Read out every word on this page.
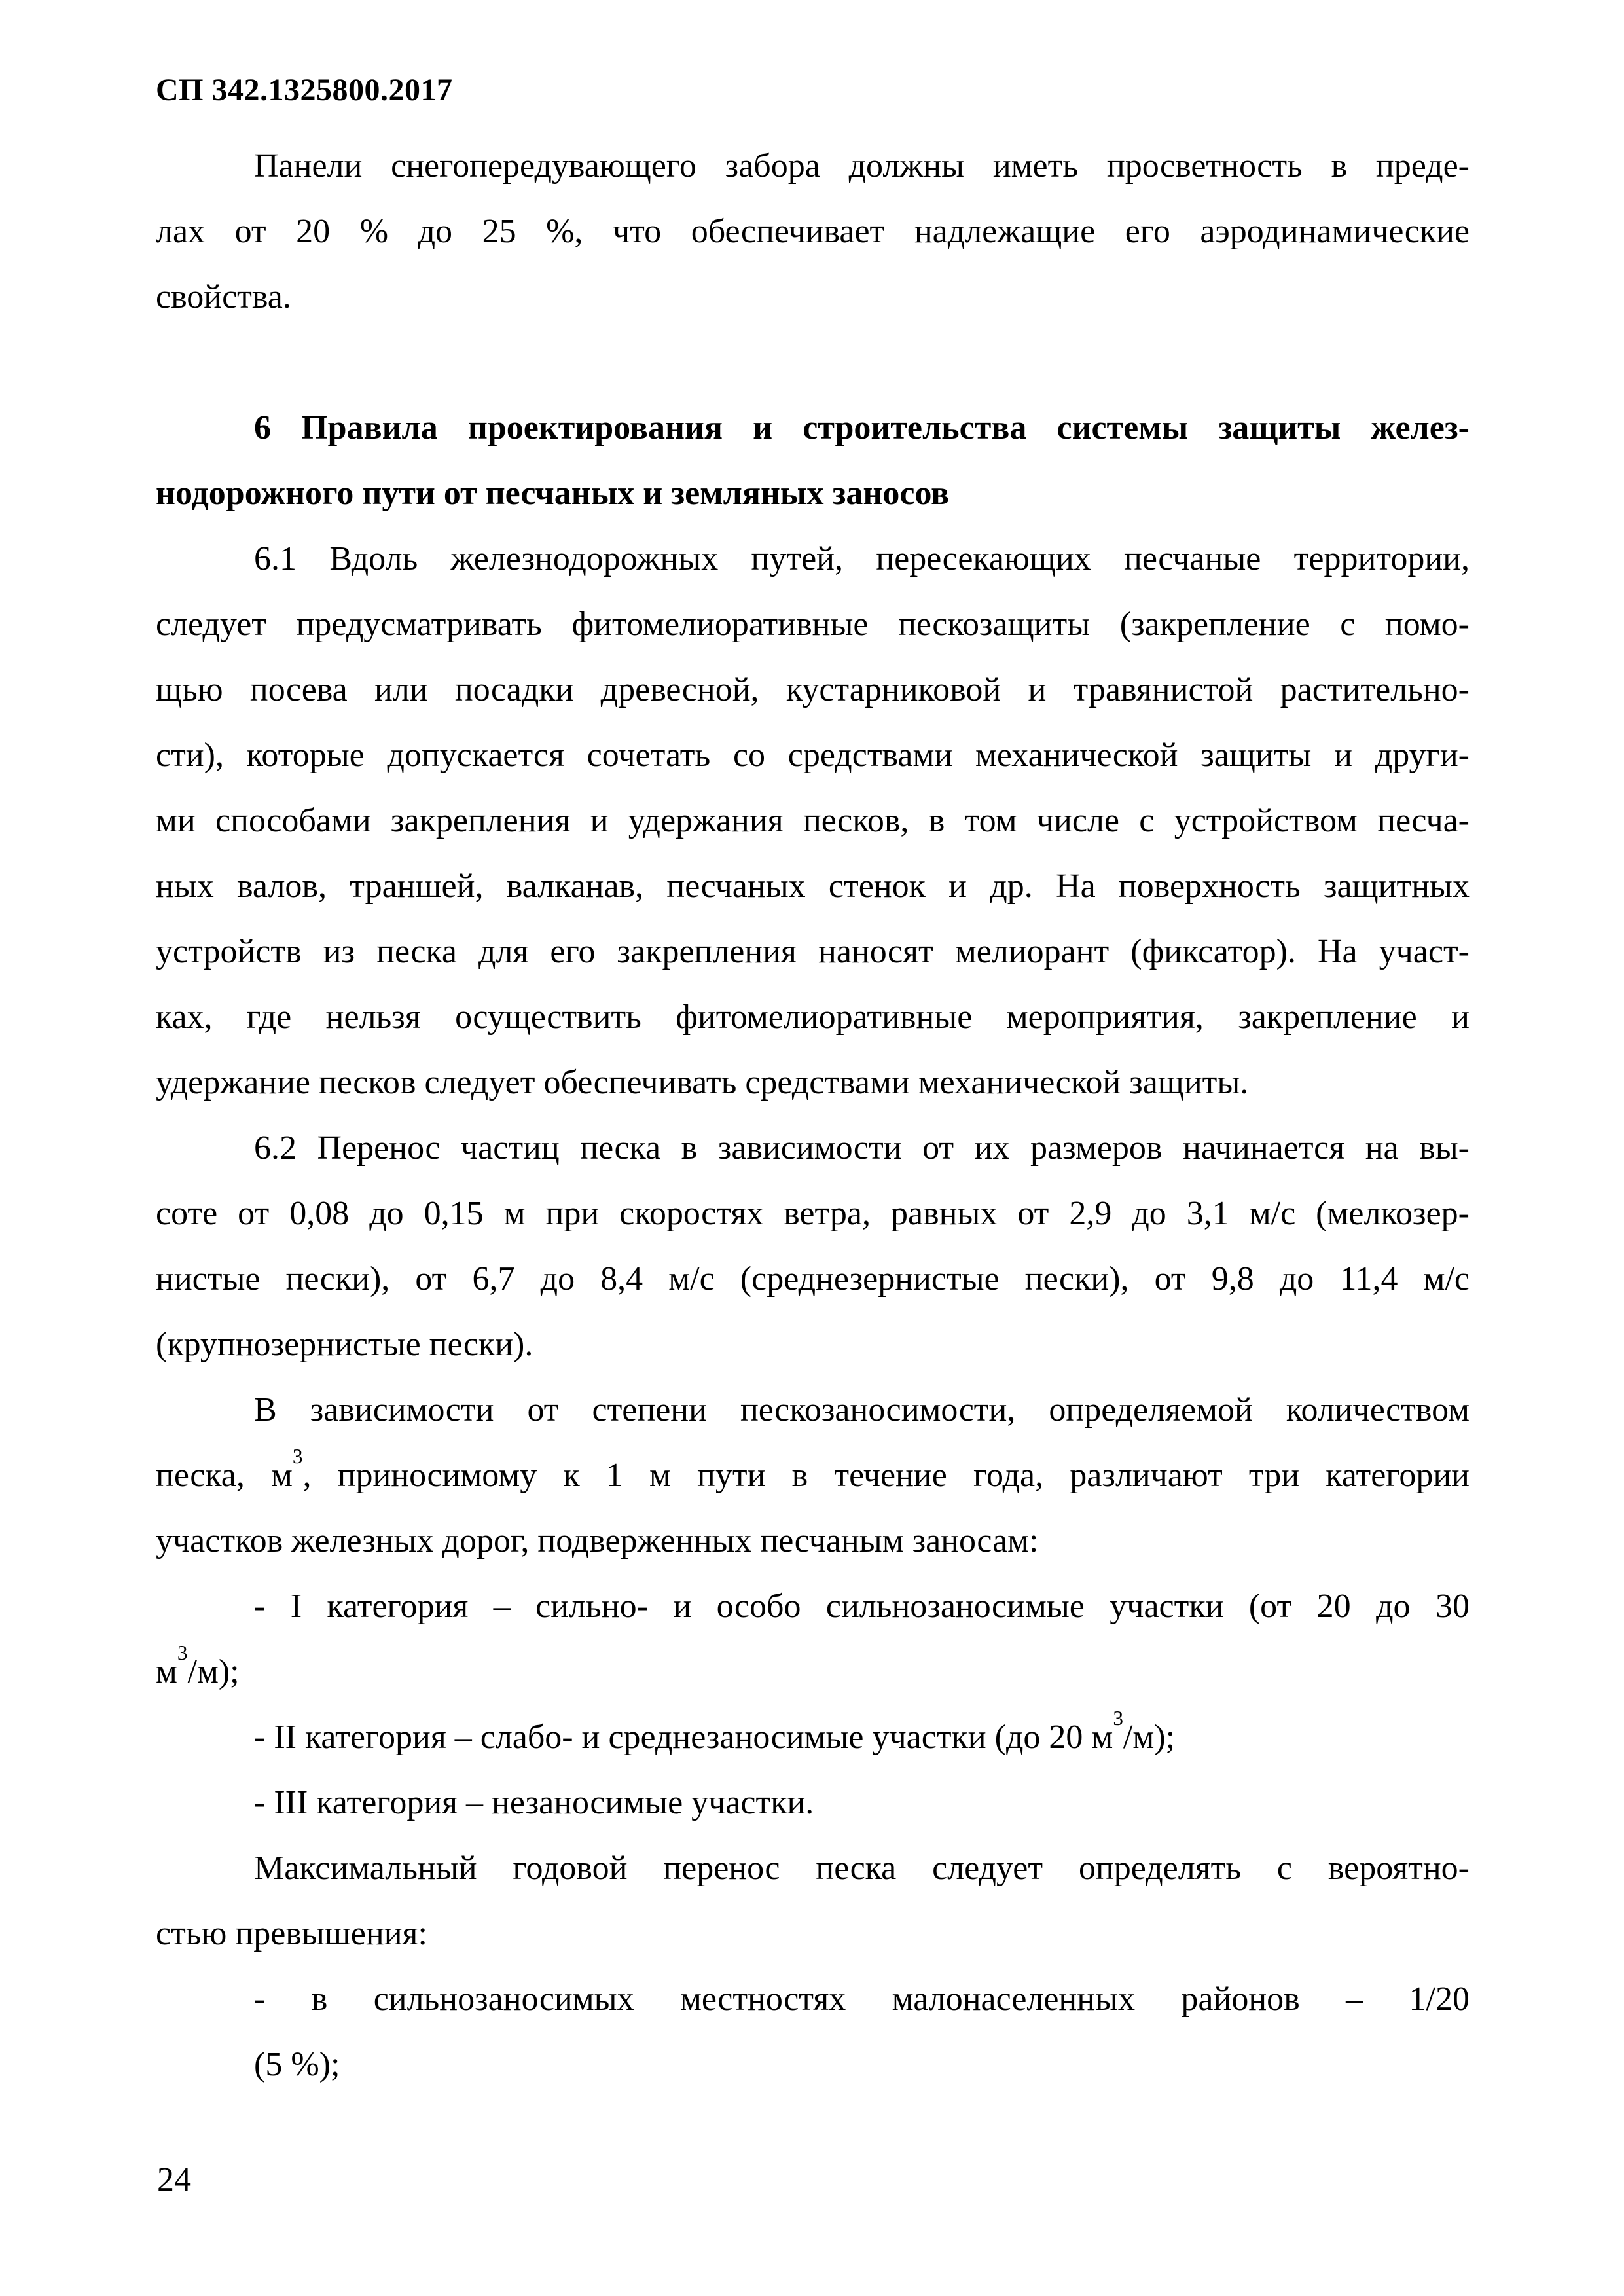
СП 342.1325800.2017
Панели снегопередувающего забора должны иметь просветность в преде-
лах от 20 % до 25 %, что обеспечивает надлежащие его аэродинамические
свойства.
6 Правила проектирования и строительства системы защиты желез-
нодорожного пути от песчаных и земляных заносов
6.1 Вдоль железнодорожных путей, пересекающих песчаные территории,
следует предусматривать фитомелиоративные пескозащиты (закрепление с помо-
щью посева или посадки древесной, кустарниковой и травянистой растительно-
сти), которые допускается сочетать со средствами механической защиты и други-
ми способами закрепления и удержания песков, в том числе с устройством песча-
ных валов, траншей, валканав, песчаных стенок и др. На поверхность защитных
устройств из песка для его закрепления наносят мелиорант (фиксатор). На участ-
ках, где нельзя осуществить фитомелиоративные мероприятия, закрепление и
удержание песков следует обеспечивать средствами механической защиты.
6.2 Перенос частиц песка в зависимости от их размеров начинается на вы-
соте от 0,08 до 0,15 м при скоростях ветра, равных от 2,9 до 3,1 м/с (мелкозер-
нистые пески), от 6,7 до 8,4 м/с (среднезернистые пески), от 9,8 до 11,4 м/с
(крупнозернистые пески).
В зависимости от степени пескозаносимости, определяемой количеством
песка, $м^3$, приносимому к 1 м пути в течение года, различают три категории
участков железных дорог, подверженных песчаным заносам:
- I категория – сильно- и особо сильнозаносимые участки (от 20 до 30
$м^3/м$);
- II категория – слабо- и среднезаносимые участки (до 20 $м^3/м$);
- III категория – незаносимые участки.
Максимальный годовой перенос песка следует определять с вероятно-
стью превышения:
- в сильнозаносимых местностях малонаселенных районов – 1/20
(5 %);
24
